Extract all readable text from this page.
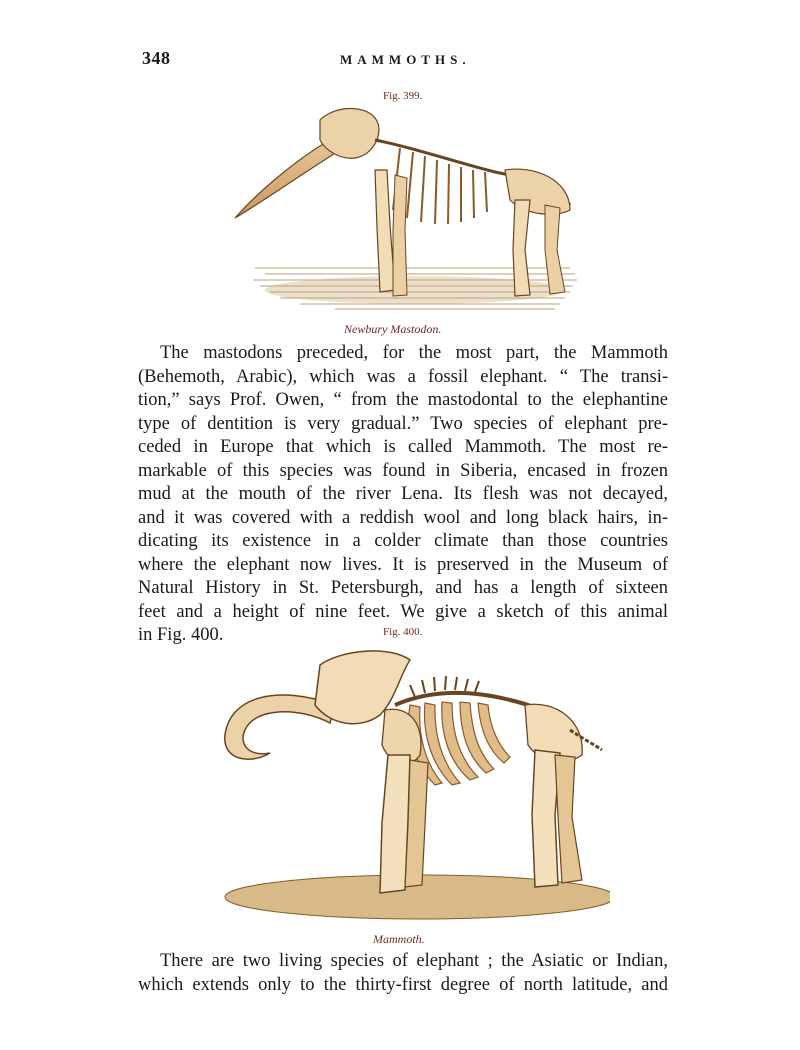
348	MAMMOTHS.
Fig. 399.
Newbury Mastodon.
The mastodons preceded, for the most part, the Mammoth
(Behemoth, Arabic), which was a fossil elephant. “ The transi-
tion,” says Prof. Owen, “ from the mastodontal to the elephantine
type of dentition is very gradual.” Two species of elephant pre-
ceded in Europe that which is called Mammoth. The most re-
markable of this species was found in Siberia, encased in frozen
mud at the mouth of the river Lena. Its flesh was not decayed,
and it was covered with a reddish wool and long black hairs, in-
dicating its existence in a colder climate than those countries
where the elephant now lives. It is preserved in the Museum of
Natural History in St. Petersburgh, and has a length of sixteen
feet and a height of nine feet. We give a sketch of this animal
in Fig. 400.	Fig. 400.
Mammoth.
There are two living species of elephant ; the Asiatic or Indian,
which extends only to the thirty-first degree of north latitude, and
